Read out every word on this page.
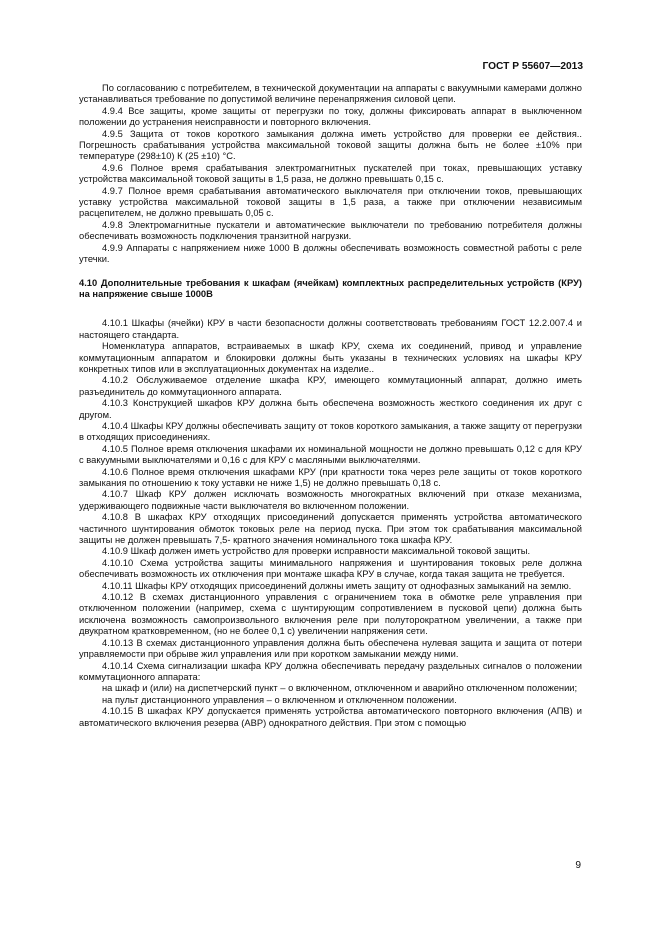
ГОСТ Р 55607—2013

По согласованию с потребителем, в технической документации на аппараты с вакуумными камерами должно устанавливаться требование по допустимой величине перенапряжения силовой цепи.

4.9.4 Все защиты, кроме защиты от перегрузки по току, должны фиксировать аппарат в выключенном положении до устранения неисправности и повторного включения.

4.9.5 Защита от токов короткого замыкания должна иметь устройство для проверки ее действия.. Погрешность срабатывания устройства максимальной токовой защиты должна быть не более ±10% при температуре (298±10) К (25 ±10) °С.

4.9.6 Полное время срабатывания электромагнитных пускателей при токах, превышающих уставку устройства максимальной токовой защиты в 1,5 раза, не должно превышать 0,15 с.

4.9.7 Полное время срабатывания автоматического выключателя при отключении токов, превышающих уставку устройства максимальной токовой защиты в 1,5 раза, а также при отключении независимым расцепителем, не должно превышать 0,05 с.

4.9.8 Электромагнитные пускатели и автоматические выключатели по требованию потребителя должны обеспечивать возможность подключения транзитной нагрузки.

4.9.9 Аппараты с напряжением ниже 1000 В должны обеспечивать возможность совместной работы с реле утечки.

4.10 Дополнительные требования к шкафам (ячейкам) комплектных распределительных устройств (КРУ) на напряжение свыше 1000В

4.10.1 Шкафы (ячейки) КРУ в части безопасности должны соответствовать требованиям ГОСТ 12.2.007.4 и настоящего стандарта.

Номенклатура аппаратов, встраиваемых в шкаф КРУ, схема их соединений, привод и управление коммутационным аппаратом и блокировки должны быть указаны в технических условиях на шкафы КРУ конкретных типов или в эксплуатационных документах на изделие..

4.10.2 Обслуживаемое отделение шкафа КРУ, имеющего коммутационный аппарат, должно иметь разъединитель до коммутационного аппарата.

4.10.3 Конструкцией шкафов КРУ должна быть обеспечена возможность жесткого соединения их друг с другом.

4.10.4 Шкафы КРУ должны обеспечивать защиту от токов короткого замыкания, а также защиту от перегрузки в отходящих присоединениях.

4.10.5 Полное время отключения шкафами их номинальной мощности не должно превышать 0,12 с для КРУ с вакуумными выключателями и 0,16 с для КРУ с масляными выключателями.

4.10.6 Полное время отключения шкафами КРУ (при кратности тока через реле защиты от токов короткого замыкания по отношению к току уставки не ниже 1,5) не должно превышать 0,18 с.

4.10.7 Шкаф КРУ должен исключать возможность многократных включений при отказе механизма, удерживающего подвижные части выключателя во включенном положении.

4.10.8 В шкафах КРУ отходящих присоединений допускается применять устройства автоматического частичного шунтирования обмоток токовых реле на период пуска. При этом ток срабатывания максимальной защиты не должен превышать 7,5- кратного значения номинального тока шкафа КРУ.

4.10.9 Шкаф должен иметь устройство для проверки исправности максимальной токовой защиты.

4.10.10 Схема устройства защиты минимального напряжения и шунтирования токовых реле должна обеспечивать возможность их отключения при монтаже шкафа КРУ в случае, когда такая защита не требуется.

4.10.11 Шкафы КРУ отходящих присоединений должны иметь защиту от однофазных замыканий на землю.

4.10.12 В схемах дистанционного управления с ограничением тока в обмотке реле управления при отключенном положении (например, схема с шунтирующим сопротивлением в пусковой цепи) должна быть исключена возможность самопроизвольного включения реле при полуторократном увеличении, а также при двукратном кратковременном, (но не более 0,1 с) увеличении напряжения сети.

4.10.13 В схемах дистанционного управления должна быть обеспечена нулевая защита и защита от потери управляемости при обрыве жил управления или при коротком замыкании между ними.

4.10.14 Схема сигнализации шкафа КРУ должна обеспечивать передачу раздельных сигналов о положении коммутационного аппарата:

на шкаф и (или) на диспетчерский пункт – о включенном, отключенном и аварийно отключенном положении;

на пульт дистанционного управления – о включенном и отключенном положении.

4.10.15 В шкафах КРУ допускается применять устройства автоматического повторного включения (АПВ) и автоматического включения резерва (АВР) однократного действия. При этом с помощью

9
